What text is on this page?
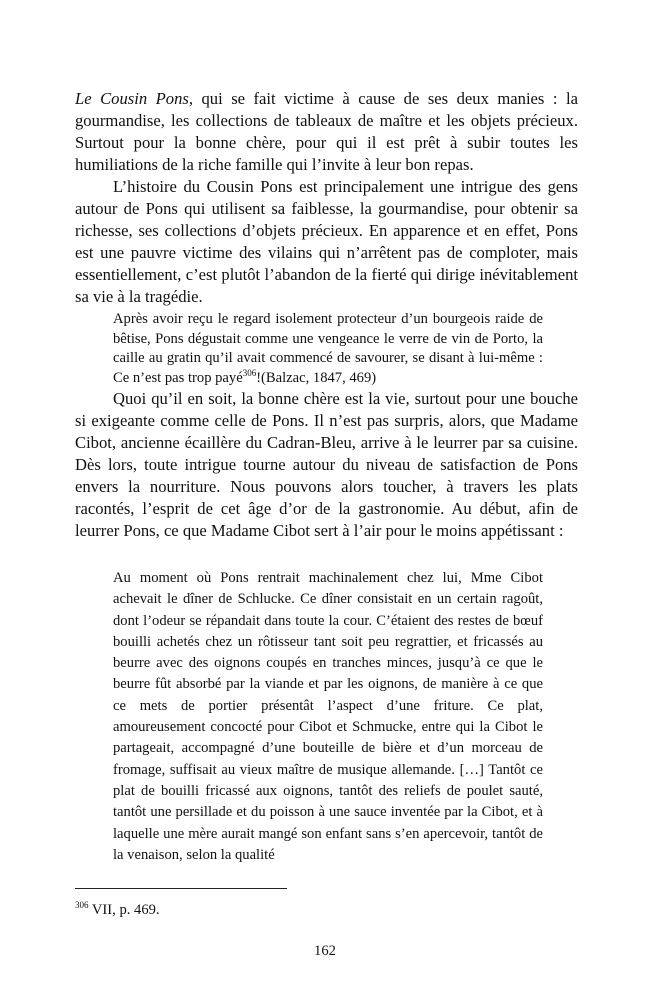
Le Cousin Pons, qui se fait victime à cause de ses deux manies : la gourmandise, les collections de tableaux de maître et les objets précieux. Surtout pour la bonne chère, pour qui il est prêt à subir toutes les humiliations de la riche famille qui l’invite à leur bon repas.

L’histoire du Cousin Pons est principalement une intrigue des gens autour de Pons qui utilisent sa faiblesse, la gourmandise, pour obtenir sa richesse, ses collections d’objets précieux. En apparence et en effet, Pons est une pauvre victime des vilains qui n’arrêtent pas de comploter, mais essentiellement, c’est plutôt l’abandon de la fierté qui dirige inévitablement sa vie à la tragédie.

Après avoir reçu le regard isolement protecteur d’un bourgeois raide de bêtise, Pons dégustait comme une vengeance le verre de vin de Porto, la caille au gratin qu’il avait commencé de savourer, se disant à lui-même : Ce n’est pas trop payé$^{306}$!(Balzac, 1847, 469)

Quoi qu’il en soit, la bonne chère est la vie, surtout pour une bouche si exigeante comme celle de Pons. Il n’est pas surpris, alors, que Madame Cibot, ancienne écaillère du Cadran-Bleu, arrive à le leurrer par sa cuisine. Dès lors, toute intrigue tourne autour du niveau de satisfaction de Pons envers la nourriture. Nous pouvons alors toucher, à travers les plats racontés, l’esprit de cet âge d’or de la gastronomie. Au début, afin de leurrer Pons, ce que Madame Cibot sert à l’air pour le moins appétissant :

Au moment où Pons rentrait machinalement chez lui, Mme Cibot achevait le dîner de Schlucke. Ce dîner consistait en un certain ragoût, dont l’odeur se répandait dans toute la cour. C’étaient des restes de bœuf bouilli achetés chez un rôtisseur tant soit peu regrattier, et fricassés au beurre avec des oignons coupés en tranches minces, jusqu’à ce que le beurre fût absorbé par la viande et par les oignons, de manière à ce que ce mets de portier présentât l’aspect d’une friture. Ce plat, amoureusement concocté pour Cibot et Schmucke, entre qui la Cibot le partageait, accompagné d’une bouteille de bière et d’un morceau de fromage, suffisait au vieux maître de musique allemande. […] Tantôt ce plat de bouilli fricassé aux oignons, tantôt des reliefs de poulet sauté, tantôt une persillade et du poisson à une sauce inventée par la Cibot, et à laquelle une mère aurait mangé son enfant sans s’en apercevoir, tantôt de la venaison, selon la qualité

$^{306}$ VII, p. 469.
162
